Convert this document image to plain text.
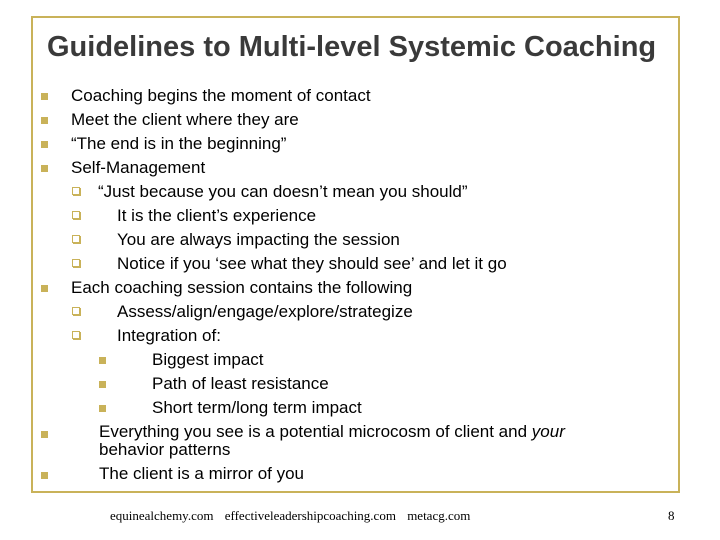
Guidelines to Multi-level Systemic Coaching
Coaching begins the moment of contact
Meet the client where they are
“The end is in the beginning”
Self-Management
“Just because you can doesn’t mean you should”
It is the client’s experience
You are always impacting the session
Notice if you ‘see what they should see’ and let it go
Each coaching session contains the following
Assess/align/engage/explore/strategize
Integration of:
Biggest impact
Path of least resistance
Short term/long term impact
Everything you see is a potential microcosm of client and your
behavior patterns
The client is a mirror of you
equinealchemy.com effectiveleadershipcoaching.com metacg.com	8
